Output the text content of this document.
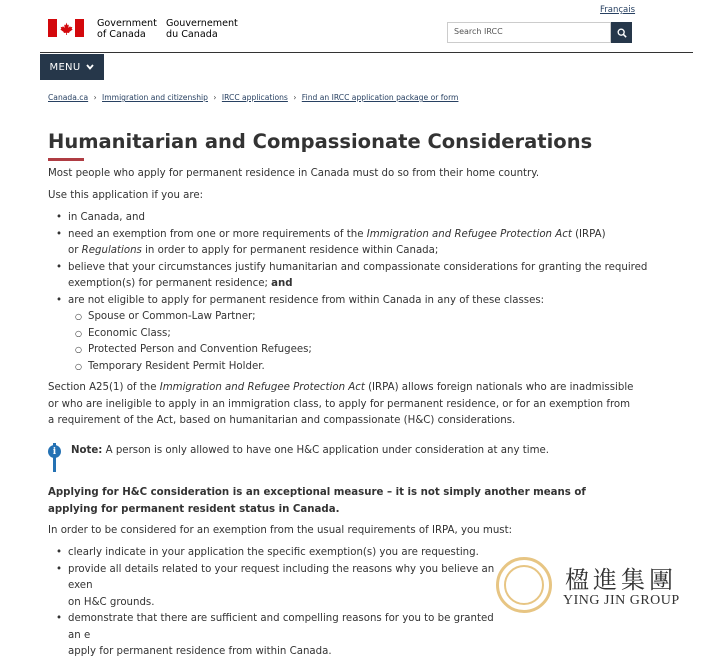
Français
Government
of Canada
Gouvernement
du Canada	Search IRCC
MENU
Canada.ca › Immigration and citizenship › IRCC applications › Find an IRCC application package or form
Humanitarian and Compassionate Considerations
Most people who apply for permanent residence in Canada must do so from their home country.
Use this application if you are:
• in Canada, and
• need an exemption from one or more requirements of the Immigration and Refugee Protection Act (IRPA)
or Regulations in order to apply for permanent residence within Canada;
• believe that your circumstances justify humanitarian and compassionate considerations for granting the required exemption(s) for permanent residence; and
• are not eligible to apply for permanent residence from within Canada in any of these classes:
○ Spouse or Common-Law Partner;
○ Economic Class;
○ Protected Person and Convention Refugees;
○ Temporary Resident Permit Holder.
Section A25(1) of the Immigration and Refugee Protection Act (IRPA) allows foreign nationals who are inadmissible or who are ineligible to apply in an immigration class, to apply for permanent residence, or for an exemption from a requirement of the Act, based on humanitarian and compassionate (H&C) considerations.
i	Note: A person is only allowed to have one H&C application under consideration at any time.
Applying for H&C consideration is an exceptional measure – it is not simply another means of applying for permanent resident status in Canada.
In order to be considered for an exemption from the usual requirements of IRPA, you must:
• clearly indicate in your application the specific exemption(s) you are requesting.
• provide all details related to your request including the reasons why you believe an exen
on H&C grounds.
• demonstrate that there are sufficient and compelling reasons for you to be granted an e
apply for permanent residence from within Canada.
楹進集團
YING JIN GROUP
